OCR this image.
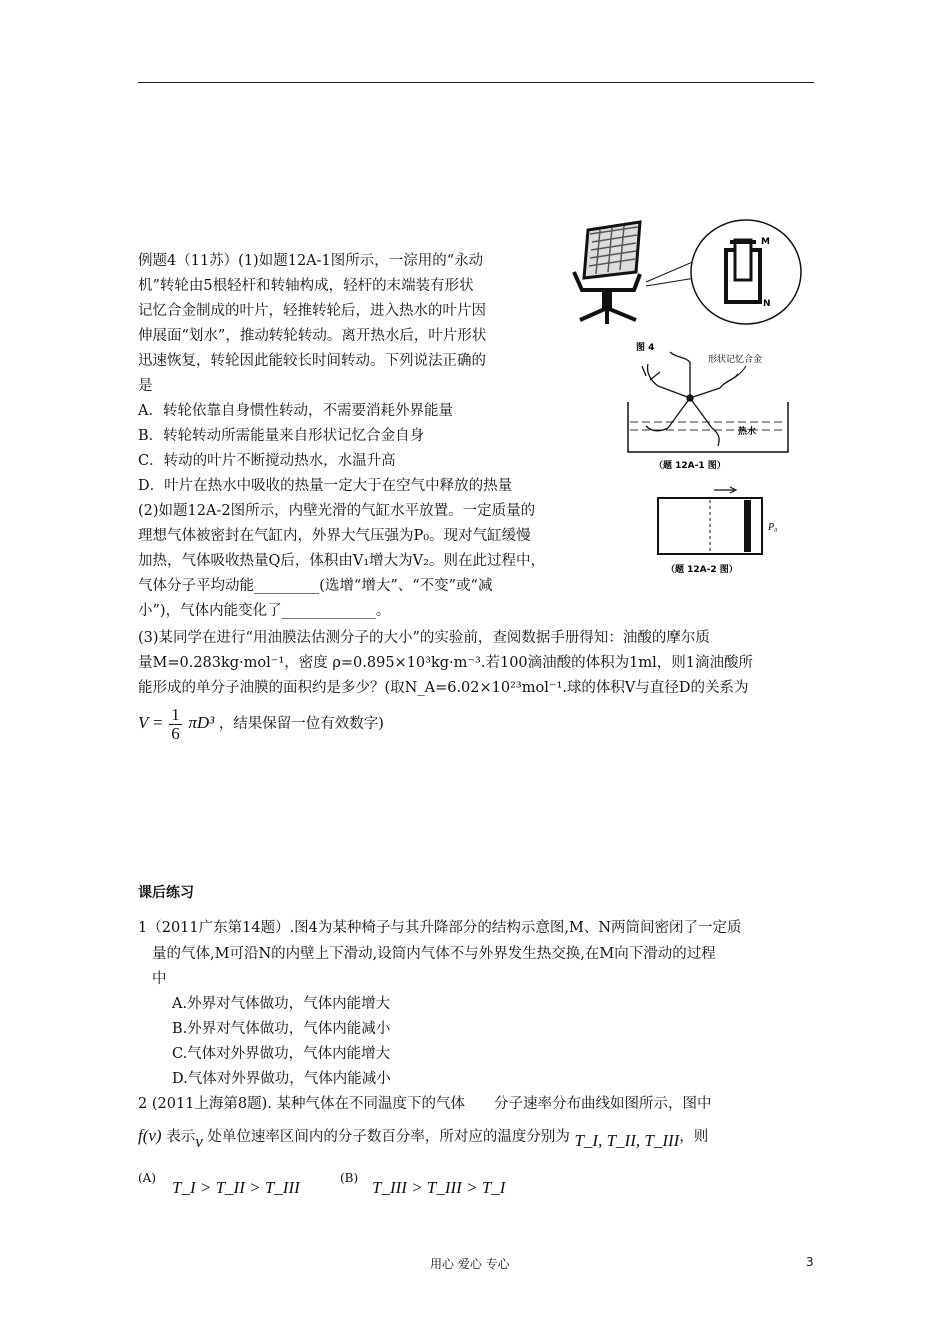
例题4（11苏）(1)如题12A-1图所示，一淙用的“永动
机”转轮由5根轻杆和转轴构成，轻杆的末端装有形状
记忆合金制成的叶片，轻推转轮后，进入热水的叶片因
伸展面“划水”，推动转轮转动。离开热水后，叶片形状
迅速恢复，转轮因此能较长时间转动。下列说法正确的
是
A．转轮依靠自身惯性转动，不需要消耗外界能量
B．转轮转动所需能量来自形状记忆合金自身
C．转动的叶片不断搅动热水，水温升高
D．叶片在热水中吸收的热量一定大于在空气中释放的热量
(2)如题12A-2图所示，内壁光滑的气缸水平放置。一定质量的
理想气体被密封在气缸内，外界大气压强为P₀。现对气缸缓慢
加热，气体吸收热量Q后，体积由V₁增大为V₂。则在此过程中，
气体分子平均动能_________(选增“增大”、“不变”或“减
小”)，气体内能变化了_____________。
(3)某同学在进行“用油膜法估测分子的大小”的实验前，查阅数据手册得知：油酸的摩尔质
量M=0.283kg·mol⁻¹，密度 ρ=0.895×10³kg·m⁻³.若100滴油酸的体积为1ml，则1滴油酸所
能形成的单分子油膜的面积约是多少？(取N_A=6.02×10²³mol⁻¹.球的体积V与直径D的关系为
$V = \frac{1}{6} \pi D^3$ ，结果保留一位有效数字)
M
N
图 4
形状记忆合金
热水
（题 12A-1 图）
P₀
（题 12A-2 图）
课后练习
1（2011广东第14题）.图4为某种椅子与其升降部分的结构示意图,M、N两筒间密闭了一定质
量的气体,M可沿N的内壁上下滑动,设筒内气体不与外界发生热交换,在M向下滑动的过程
中
A.外界对气体做功，气体内能增大
B.外界对气体做功，气体内能减小
C.气体对外界做功，气体内能增大
D.气体对外界做功，气体内能减小
2 (2011上海第8题). 某种气体在不同温度下的气体　　分子速率分布曲线如图所示，图中
f(v) 表示v 处单位速率区间内的分子数百分率，所对应的温度分别为 T_I, T_II, T_III，则
(A) T_I > T_II > T_III	(B) T_III > T_III > T_I
用心 爱心 专心	3
